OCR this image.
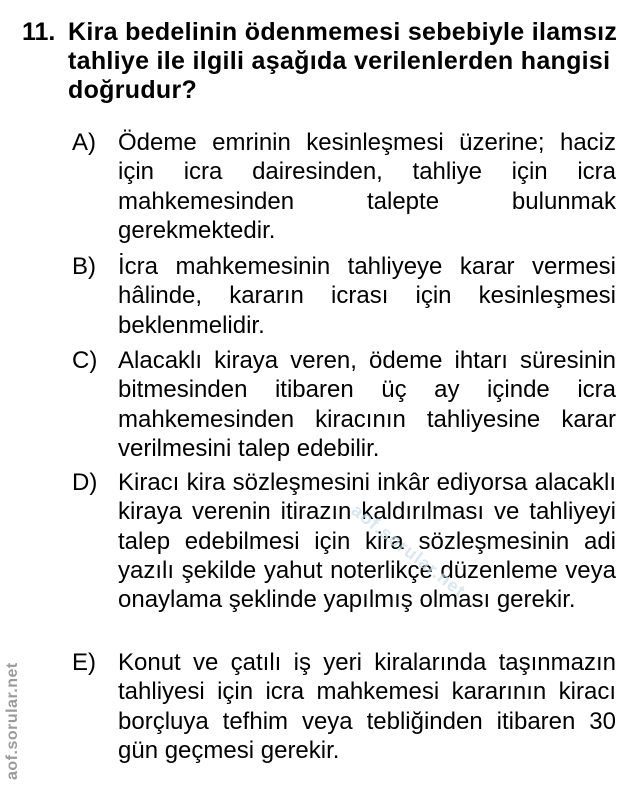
11. Kira bedelinin ödenmemesi sebebiyle ilamsız tahliye ile ilgili aşağıda verilenlerden hangisi doğrudur?
A) Ödeme emrinin kesinleşmesi üzerine; haciz için icra dairesinden, tahliye için icra mahkemesinden talepte bulunmak gerekmektedir.
B) İcra mahkemesinin tahliyeye karar vermesi hâlinde, kararın icrası için kesinleşmesi beklenmelidir.
C) Alacaklı kiraya veren, ödeme ihtarı süresinin bitmesinden itibaren üç ay içinde icra mahkemesinden kiracının tahliyesine karar verilmesini talep edebilir.
D) Kiracı kira sözleşmesini inkâr ediyorsa alacaklı kiraya verenin itirazın kaldırılması ve tahliyeyi talep edebilmesi için kira sözleşmesinin adi yazılı şekilde yahut noterlikçe düzenleme veya onaylama şeklinde yapılmış olması gerekir.
E) Konut ve çatılı iş yeri kiralarında taşınmazın tahliyesi için icra mahkemesi kararının kiracı borçluya tefhim veya tebliğinden itibaren 30 gün geçmesi gerekir.
aof.sorular.net
aof.sorular.net
